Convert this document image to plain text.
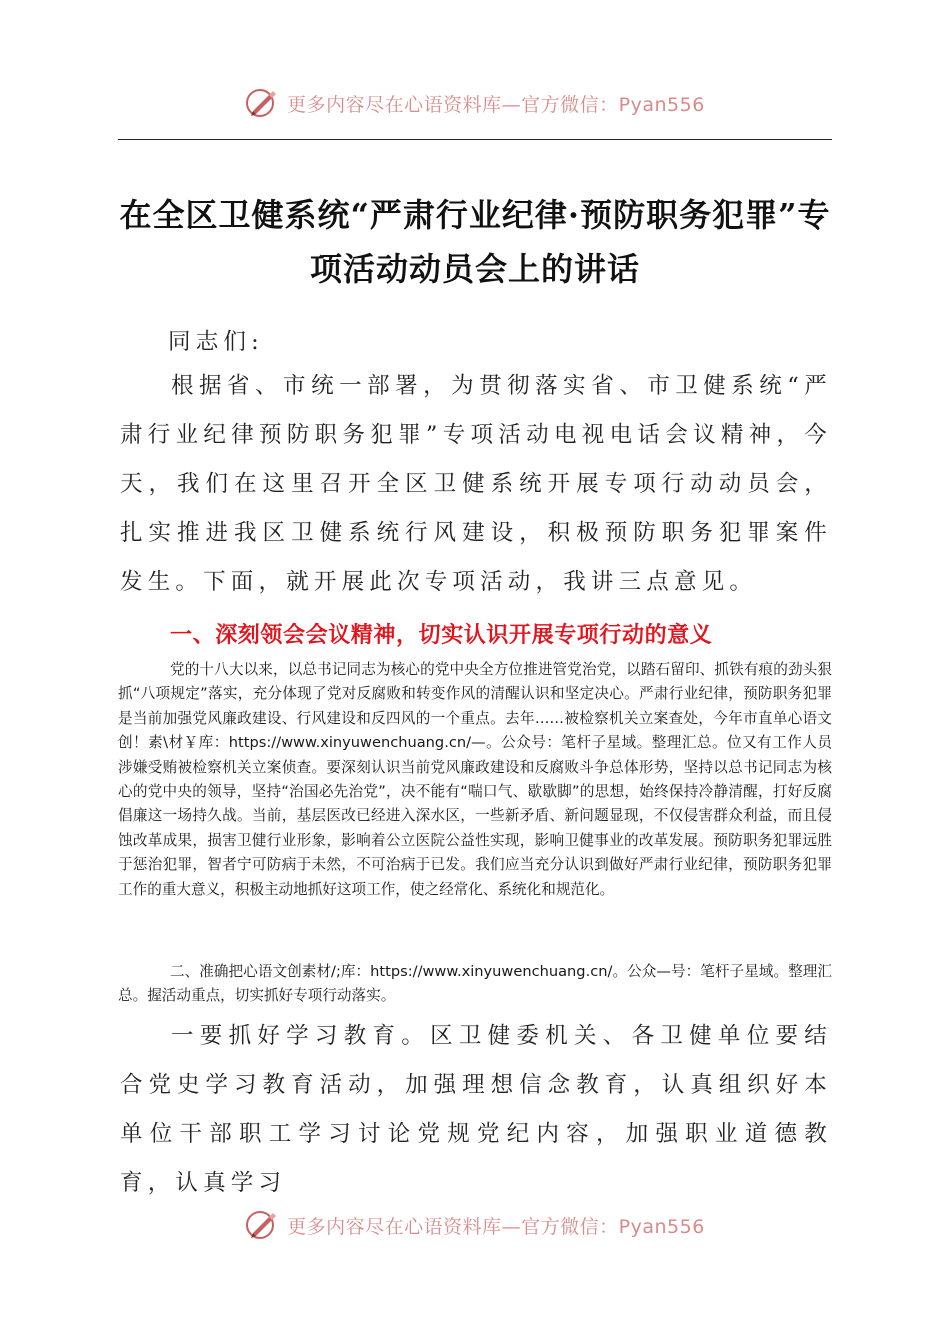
更多内容尽在心语资料库—官方微信：Pyan556
在全区卫健系统“严肃行业纪律·预防职务犯罪”专项活动动员会上的讲话
同志们:
根据省、市统一部署，为贯彻落实省、市卫健系统“严肃行业纪律预防职务犯罪”专项活动电视电话会议精神，今天，我们在这里召开全区卫健系统开展专项行动动员会，扎实推进我区卫健系统行风建设，积极预防职务犯罪案件发生。下面，就开展此次专项活动，我讲三点意见。
一、深刻领会会议精神，切实认识开展专项行动的意义
党的十八大以来，以总书记同志为核心的党中央全方位推进管党治党，以踏石留印、抓铁有痕的劲头狠抓“八项规定”落实，充分体现了党对反腐败和转变作风的清醒认识和坚定决心。严肃行业纪律，预防职务犯罪是当前加强党风廉政建设、行风建设和反四风的一个重点。去年……被检察机关立案查处，今年市直单心语文创！素\材￥库：https://www.xinyuwenchuang.cn/—。公众号：笔杆子星域。整理汇总。位又有工作人员涉嫌受贿被检察机关立案侦查。要深刻认识当前党风廉政建设和反腐败斗争总体形势，坚持以总书记同志为核心的党中央的领导，坚持“治国必先治党”，决不能有“喘口气、歇歇脚”的思想，始终保持冷静清醒，打好反腐倡廉这一场持久战。当前，基层医改已经进入深水区，一些新矛盾、新问题显现，不仅侵害群众利益，而且侵蚀改革成果，损害卫健行业形象，影响着公立医院公益性实现，影响卫健事业的改革发展。预防职务犯罪远胜于惩治犯罪，智者宁可防病于未然，不可治病于已发。我们应当充分认识到做好严肃行业纪律，预防职务犯罪工作的重大意义，积极主动地抓好这项工作，使之经常化、系统化和规范化。
二、准确把心语文创素材/;库：https://www.xinyuwenchuang.cn/。公众—号：笔杆子星域。整理汇总。握活动重点，切实抓好专项行动落实。
一要抓好学习教育。区卫健委机关、各卫健单位要结合党史学习教育活动，加强理想信念教育，认真组织好本单位干部职工学习讨论党规党纪内容，加强职业道德教育，认真学习
更多内容尽在心语资料库—官方微信：Pyan556
